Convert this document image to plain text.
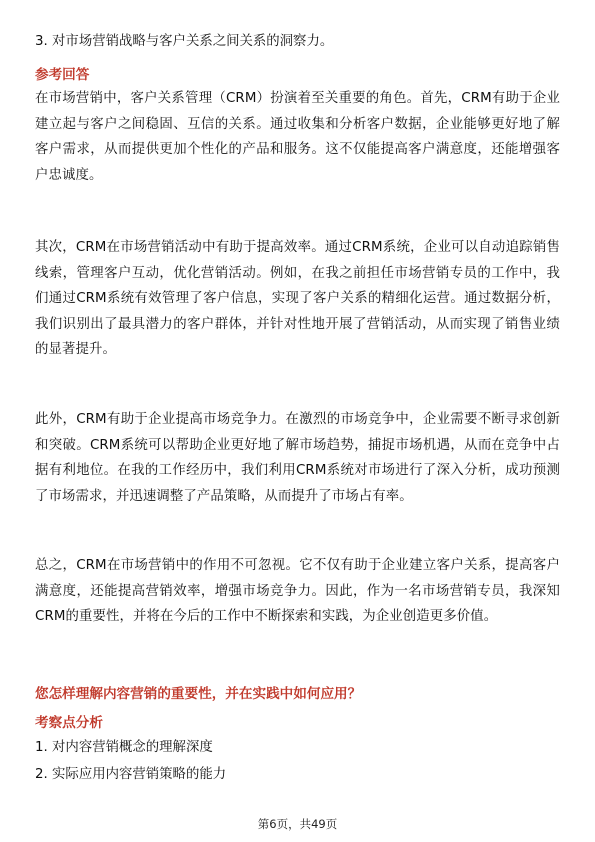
3. 对市场营销战略与客户关系之间关系的洞察力。

参考回答

在市场营销中，客户关系管理（CRM）扮演着至关重要的角色。首先，CRM有助于企业建立起与客户之间稳固、互信的关系。通过收集和分析客户数据，企业能够更好地了解客户需求，从而提供更加个性化的产品和服务。这不仅能提高客户满意度，还能增强客户忠诚度。

其次，CRM在市场营销活动中有助于提高效率。通过CRM系统，企业可以自动追踪销售线索，管理客户互动，优化营销活动。例如，在我之前担任市场营销专员的工作中，我们通过CRM系统有效管理了客户信息，实现了客户关系的精细化运营。通过数据分析，我们识别出了最具潜力的客户群体，并针对性地开展了营销活动，从而实现了销售业绩的显著提升。

此外，CRM有助于企业提高市场竞争力。在激烈的市场竞争中，企业需要不断寻求创新和突破。CRM系统可以帮助企业更好地了解市场趋势，捕捉市场机遇，从而在竞争中占据有利地位。在我的工作经历中，我们利用CRM系统对市场进行了深入分析，成功预测了市场需求，并迅速调整了产品策略，从而提升了市场占有率。

总之，CRM在市场营销中的作用不可忽视。它不仅有助于企业建立客户关系，提高客户满意度，还能提高营销效率，增强市场竞争力。因此，作为一名市场营销专员，我深知CRM的重要性，并将在今后的工作中不断探索和实践，为企业创造更多价值。

您怎样理解内容营销的重要性，并在实践中如何应用？

考察点分析

1. 对内容营销概念的理解深度

2. 实际应用内容营销策略的能力

第6页，共49页
